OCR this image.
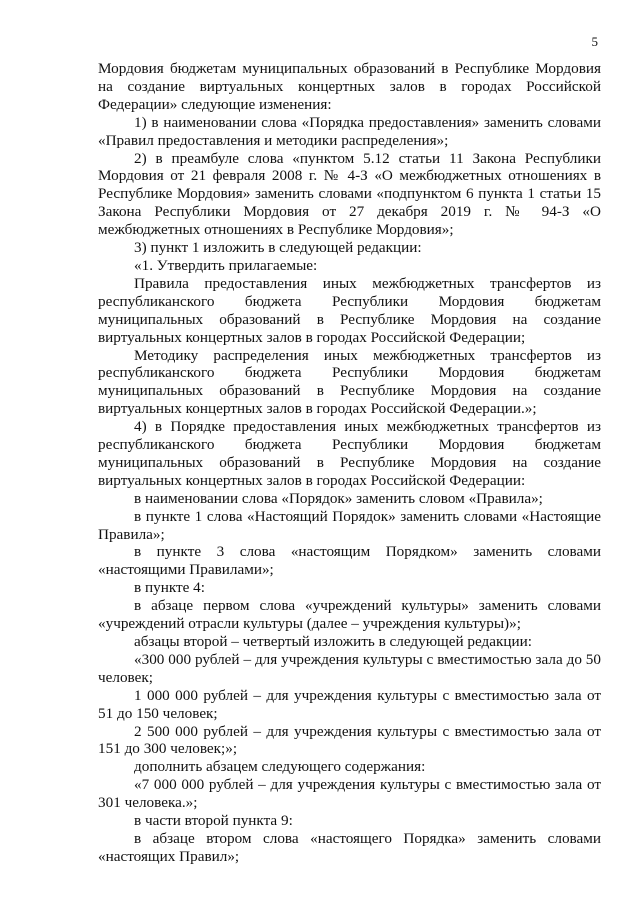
5

Мордовия бюджетам муниципальных образований в Республике Мордовия на создание виртуальных концертных залов в городах Российской Федерации» следующие изменения:

1) в наименовании слова «Порядка предоставления» заменить словами «Правил предоставления и методики распределения»;

2) в преамбуле слова «пунктом 5.12 статьи 11 Закона Республики Мордовия от 21 февраля 2008 г. № 4-З «О межбюджетных отношениях в Республике Мордовия» заменить словами «подпунктом 6 пункта 1 статьи 15 Закона Республики Мордовия от 27 декабря 2019 г. № 94-З «О межбюджетных отношениях в Республике Мордовия»;

3) пункт 1 изложить в следующей редакции:

«1. Утвердить прилагаемые:

Правила предоставления иных межбюджетных трансфертов из республиканского бюджета Республики Мордовия бюджетам муниципальных образований в Республике Мордовия на создание виртуальных концертных залов в городах Российской Федерации;

Методику распределения иных межбюджетных трансфертов из республиканского бюджета Республики Мордовия бюджетам муниципальных образований в Республике Мордовия на создание виртуальных концертных залов в городах Российской Федерации.»;

4) в Порядке предоставления иных межбюджетных трансфертов из республиканского бюджета Республики Мордовия бюджетам муниципальных образований в Республике Мордовия на создание виртуальных концертных залов в городах Российской Федерации:

в наименовании слова «Порядок» заменить словом «Правила»;

в пункте 1 слова «Настоящий Порядок» заменить словами «Настоящие Правила»;

в пункте 3 слова «настоящим Порядком» заменить словами «настоящими Правилами»;

в пункте 4:

в абзаце первом слова «учреждений культуры» заменить словами «учреждений отрасли культуры (далее – учреждения культуры)»;

абзацы второй – четвертый изложить в следующей редакции:

«300 000 рублей – для учреждения культуры с вместимостью зала до 50 человек;

1 000 000 рублей – для учреждения культуры с вместимостью зала от 51 до 150 человек;

2 500 000 рублей – для учреждения культуры с вместимостью зала от 151 до 300 человек;»;

дополнить абзацем следующего содержания:

«7 000 000 рублей – для учреждения культуры с вместимостью зала от 301 человека.»;

в части второй пункта 9:

в абзаце втором слова «настоящего Порядка» заменить словами «настоящих Правил»;
